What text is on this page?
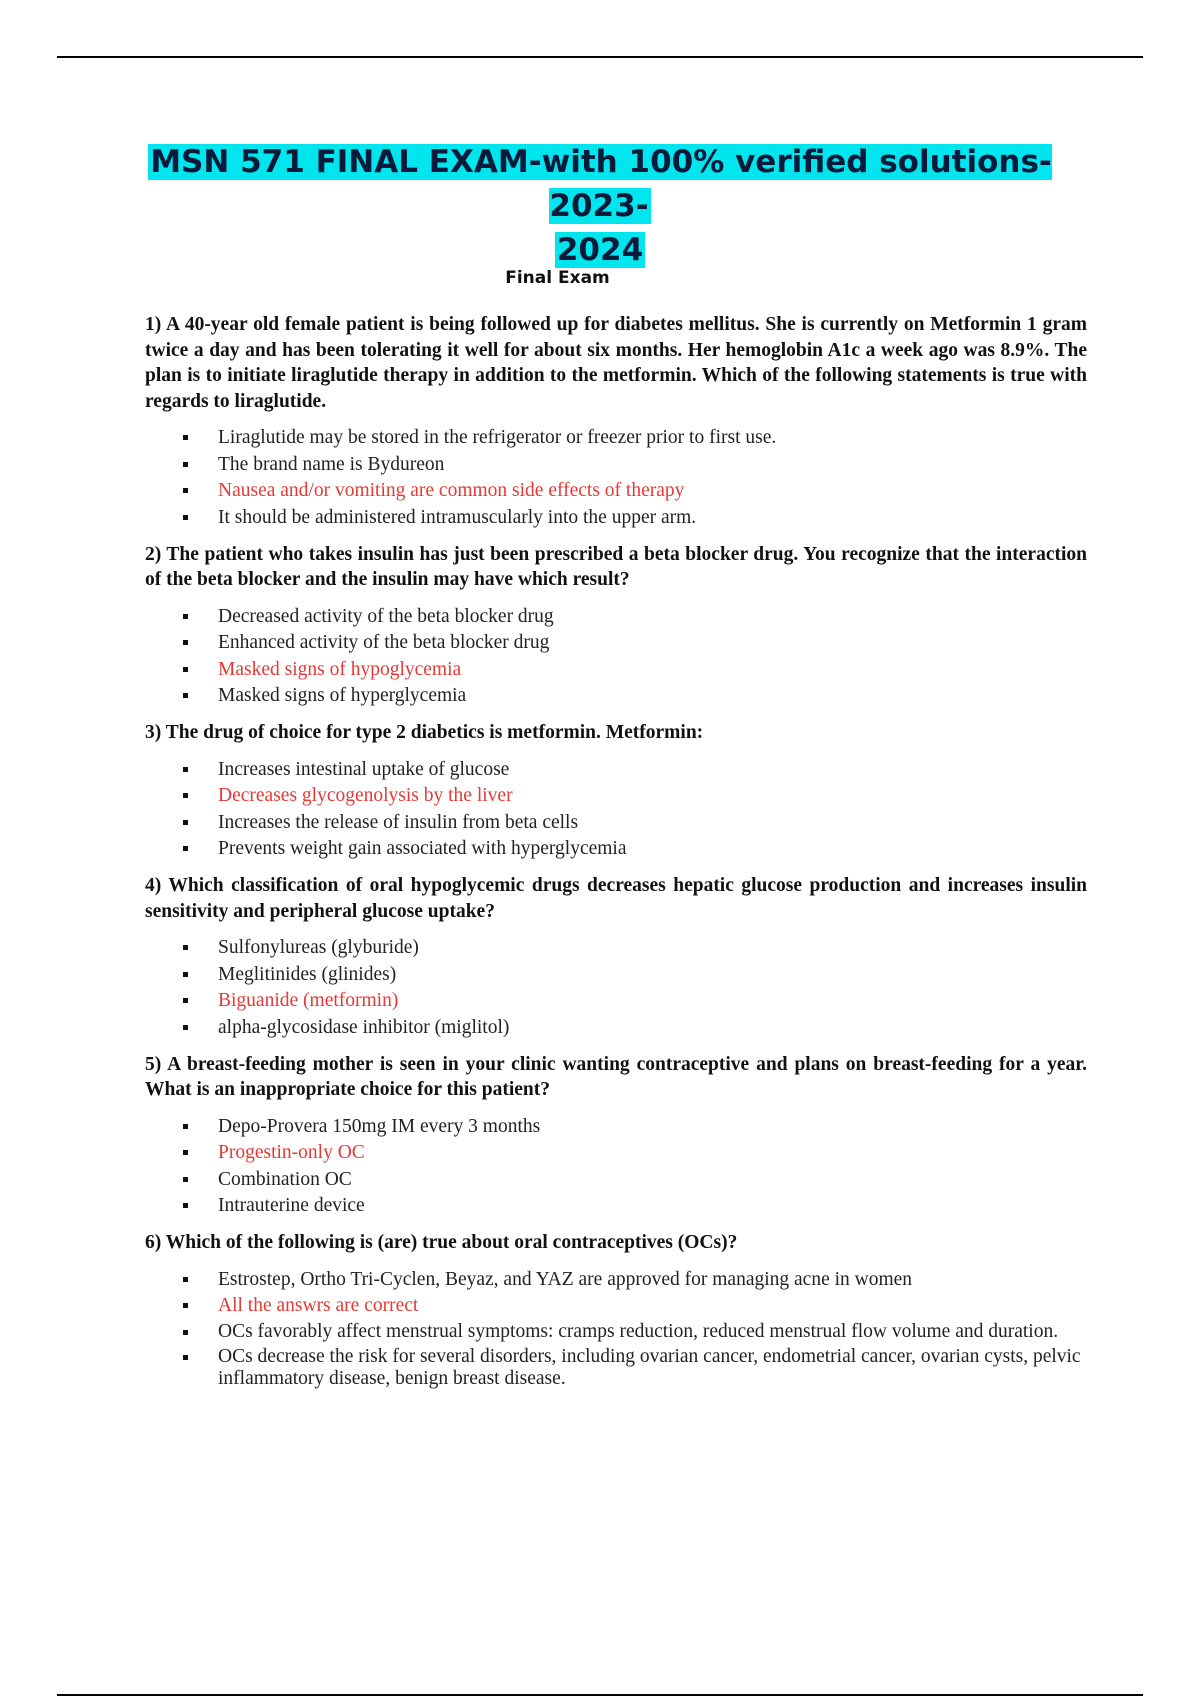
MSN 571 FINAL EXAM-with 100% verified solutions-2023-
2024
Final Exam

1) A 40-year old female patient is being followed up for diabetes mellitus. She is currently on Metformin 1 gram twice a day and has been tolerating it well for about six months. Her hemoglobin A1c a week ago was 8.9%. The plan is to initiate liraglutide therapy in addition to the metformin. Which of the following statements is true with regards to liraglutide.

Liraglutide may be stored in the refrigerator or freezer prior to first use.
The brand name is Bydureon
Nausea and/or vomiting are common side effects of therapy
It should be administered intramuscularly into the upper arm.

2) The patient who takes insulin has just been prescribed a beta blocker drug. You recognize that the interaction of the beta blocker and the insulin may have which result?

Decreased activity of the beta blocker drug
Enhanced activity of the beta blocker drug
Masked signs of hypoglycemia
Masked signs of hyperglycemia

3) The drug of choice for type 2 diabetics is metformin. Metformin:

Increases intestinal uptake of glucose
Decreases glycogenolysis by the liver
Increases the release of insulin from beta cells
Prevents weight gain associated with hyperglycemia

4) Which classification of oral hypoglycemic drugs decreases hepatic glucose production and increases insulin sensitivity and peripheral glucose uptake?

Sulfonylureas (glyburide)
Meglitinides (glinides)
Biguanide (metformin)
alpha-glycosidase inhibitor (miglitol)

5) A breast-feeding mother is seen in your clinic wanting contraceptive and plans on breast-feeding for a year. What is an inappropriate choice for this patient?

Depo-Provera 150mg IM every 3 months
Progestin-only OC
Combination OC
Intrauterine device

6) Which of the following is (are) true about oral contraceptives (OCs)?

Estrostep, Ortho Tri-Cyclen, Beyaz, and YAZ are approved for managing acne in women
All the answrs are correct
OCs favorably affect menstrual symptoms: cramps reduction, reduced menstrual flow volume and duration.
OCs decrease the risk for several disorders, including ovarian cancer, endometrial cancer, ovarian cysts, pelvic inflammatory disease, benign breast disease.
